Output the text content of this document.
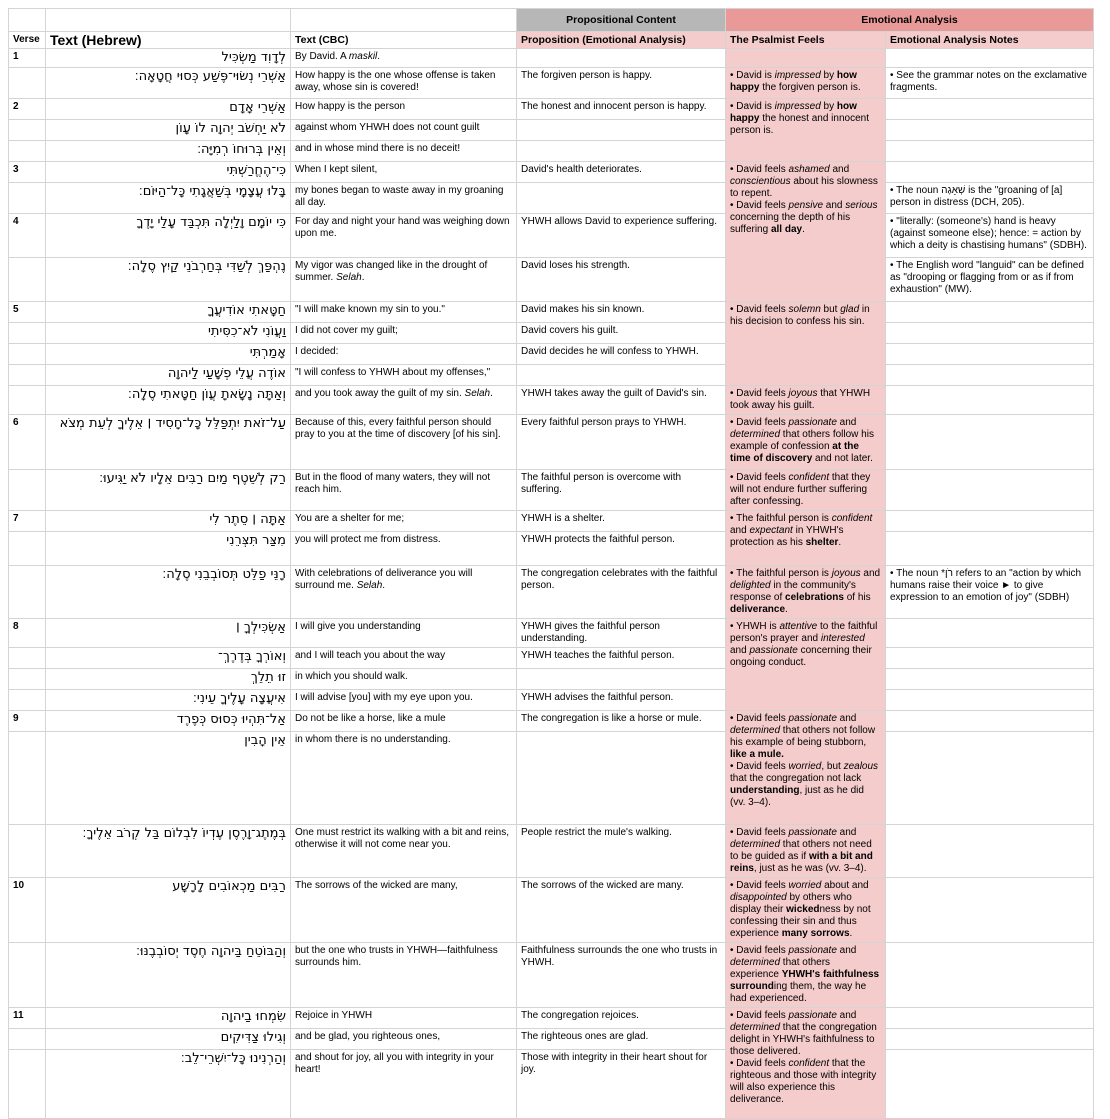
			Propositional Content	Emotional Analysis	
Verse	Text (Hebrew)	Text (CBC)	Proposition (Emotional Analysis)	The Psalmist Feels	Emotional Analysis Notes
1	לְדָוִד מַשְׂכִּיל	By David. A maskil.			
	אַשְׁרֵי נְשׂוּי־פֶּשַׁע כְּסוּי חֲטָאָה׃	How happy is the one whose offense is taken away, whose sin is covered!	The forgiven person is happy.	• David is impressed by how happy the forgiven person is.	• See the grammar notes on the exclamative fragments.
2	אַשְׁרֵי אָדָם	How happy is the person	The honest and innocent person is happy.	• David is impressed by how happy the honest and innocent person is.	
	לֹא יַחְשֹׁב יְהוָה לוֹ עָוֹן	against whom YHWH does not count guilt			
	וְאֵין בְּרוּחוֹ רְמִיָּה׃	and in whose mind there is no deceit!			
3	כִּי־הֶחֱרַשְׁתִּי	When I kept silent,	David's health deteriorates.	• David feels ashamed and conscientious about his slowness to repent.
• David feels pensive and serious concerning the depth of his suffering all day.	
	בָּלוּ עֲצָמָי בְּשַׁאֲגָתִי כָּל־הַיּוֹם׃	my bones began to waste away in my groaning all day.			• The noun שְׁאָגָה is the "groaning of [a] person in distress (DCH, 205).
4	כִּי יוֹמָם וָלַיְלָה תִּכְבַּד עָלַי יָדֶךָ	For day and night your hand was weighing down upon me.	YHWH allows David to experience suffering.		• "literally: (someone's) hand is heavy (against someone else); hence: = action by which a deity is chastising humans" (SDBH).
	נֶהְפַּךְ לְשַׁדִּי בְּחַרְבֹנֵי קַיִץ סֶלָה׃	My vigor was changed like in the drought of summer. Selah.	David loses his strength.		• The English word "languid" can be defined as "drooping or flagging from or as if from exhaustion" (MW).
5	חַטָּאתִי אוֹדִיעֲךָ	"I will make known my sin to you."	David makes his sin known.	• David feels solemn but glad in his decision to confess his sin.	
	וַעֲוֹנִי לֹא־כִסִּיתִי	I did not cover my guilt;	David covers his guilt.		
	אָמַרְתִּי	I decided:	David decides he will confess to YHWH.		
	אוֹדֶה עֲלֵי פְשָׁעַי לַיהוָה	"I will confess to YHWH about my offenses,"			
	וְאַתָּה נָשָׂאתָ עֲוֹן חַטָּאתִי סֶלָה׃	and you took away the guilt of my sin. Selah.	YHWH takes away the guilt of David's sin.	• David feels joyous that YHWH took away his guilt.	
6	עַל־זֹאת יִתְפַּלֵּל כָּל־חָסִיד ׀ אֵלֶיךָ לְעֵת מְצֹא	Because of this, every faithful person should pray to you at the time of discovery [of his sin].	Every faithful person prays to YHWH.	• David feels passionate and determined that others follow his example of confession at the time of discovery and not later.	
	רַק לְשֵׁטֶף מַיִם רַבִּים אֵלָיו לֹא יַגִּיעוּ׃	But in the flood of many waters, they will not reach him.	The faithful person is overcome with suffering.	• David feels confident that they will not endure further suffering after confessing.	
7	אַתָּה ׀ סֵתֶר לִי	You are a shelter for me;	YHWH is a shelter.	• The faithful person is confident and expectant in YHWH's protection as his shelter.	
	מִצַּר תִּצְּרֵנִי	you will protect me from distress.	YHWH protects the faithful person.		
	רָנֵּי פַלֵּט תְּסוֹבְבֵנִי סֶלָה׃	With celebrations of deliverance you will surround me. Selah.	The congregation celebrates with the faithful person.	• The faithful person is joyous and delighted in the community's response of celebrations of his deliverance.	• The noun *רֹן refers to an "action by which humans raise their voice ► to give expression to an emotion of joy" (SDBH)
8	אַשְׂכִּילְךָ ׀	I will give you understanding	YHWH gives the faithful person understanding.	• YHWH is attentive to the faithful person's prayer and interested and passionate concerning their ongoing conduct.	
	וְאוֹרְךָ בְּדֶרֶךְ־	and I will teach you about the way	YHWH teaches the faithful person.		
	זוּ תֵלֵךְ	in which you should walk.			
	אִיעֲצָה עָלֶיךָ עֵינִי׃	I will advise [you] with my eye upon you.	YHWH advises the faithful person.		
9	אַל־תִּהְיוּ כְּסוּס כְּפֶרֶד	Do not be like a horse, like a mule	The congregation is like a horse or mule.	• David feels passionate and determined that others not follow his example of being stubborn, like a mule.
• David feels worried, but zealous that the congregation not lack understanding, just as he did (vv. 3–4).	
	אֵין הָבִין	in whom there is no understanding.			
	בְּמֶתֶג־וָרֶסֶן עֶדְיוֹ לִבְלוֹם בַּל קְרֹב אֵלֶיךָ׃	One must restrict its walking with a bit and reins, otherwise it will not come near you.	People restrict the mule's walking.	• David feels passionate and determined that others not need to be guided as if with a bit and reins, just as he was (vv. 3–4).	
10	רַבִּים מַכְאוֹבִים לָרָשָׁע	The sorrows of the wicked are many,	The sorrows of the wicked are many.	• David feels worried about and disappointed by others who display their wickedness by not confessing their sin and thus experience many sorrows.	
	וְהַבּוֹטֵחַ בַּיהוָה חֶסֶד יְסוֹבְבֶנּוּ׃	but the one who trusts in YHWH—faithfulness surrounds him.	Faithfulness surrounds the one who trusts in YHWH.	• David feels passionate and determined that others experience YHWH's faithfulness surrounding them, the way he had experienced.	
11	שִׂמְחוּ בַיהוָה	Rejoice in YHWH	The congregation rejoices.	• David feels passionate and determined that the congregation delight in YHWH's faithfulness to those delivered.
• David feels confident that the righteous and those with integrity will also experience this deliverance.	
	וְגִילוּ צַדִּיקִים	and be glad, you righteous ones,	The righteous ones are glad.		
	וְהַרְנִינוּ כָּל־יִשְׁרֵי־לֵב׃	and shout for joy, all you with integrity in your heart!	Those with integrity in their heart shout for joy.		
